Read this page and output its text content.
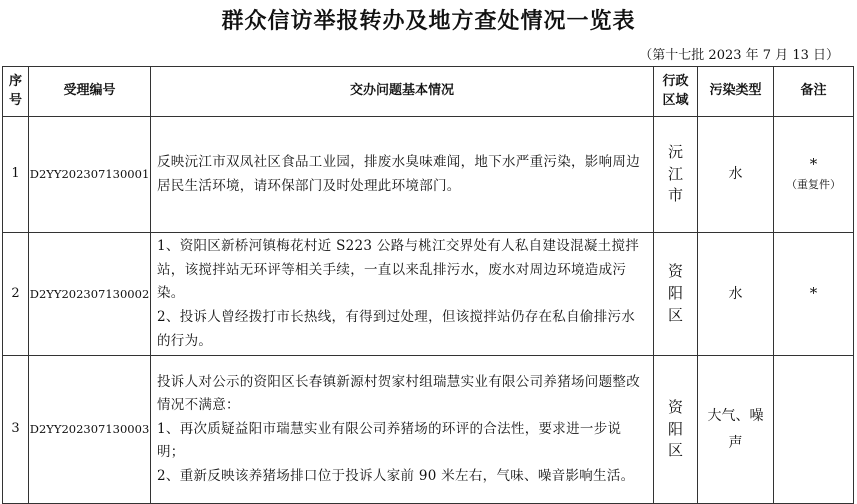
群众信访举报转办及地方查处情况一览表
（第十七批 2023 年 7 月 13 日）
序号	受理编号	交办问题基本情况	行政区域	污染类型	备注
1	D2YY202307130001	反映沅江市双凤社区食品工业园，排废水臭味难闻，地下水严重污染，影响周边居民生活环境，请环保部门及时处理此环境部门。	沅江市	水	*
（重复件）

2	D2YY202307130002	1、资阳区新桥河镇梅花村近 S223 公路与桃江交界处有人私自建设混凝土搅拌站，该搅拌站无环评等相关手续，一直以来乱排污水，废水对周边环境造成污染。
2、投诉人曾经拨打市长热线，有得到过处理，但该搅拌站仍存在私自偷排污水的行为。	资阳区	水	*
3	D2YY202307130003	投诉人对公示的资阳区长春镇新源村贺家村组瑞慧实业有限公司养猪场问题整改情况不满意：
1、再次质疑益阳市瑞慧实业有限公司养猪场的环评的合法性，要求进一步说明；
2、重新反映该养猪场排口位于投诉人家前 90 米左右，气味、噪音影响生活。	资阳区	大气、噪声	
